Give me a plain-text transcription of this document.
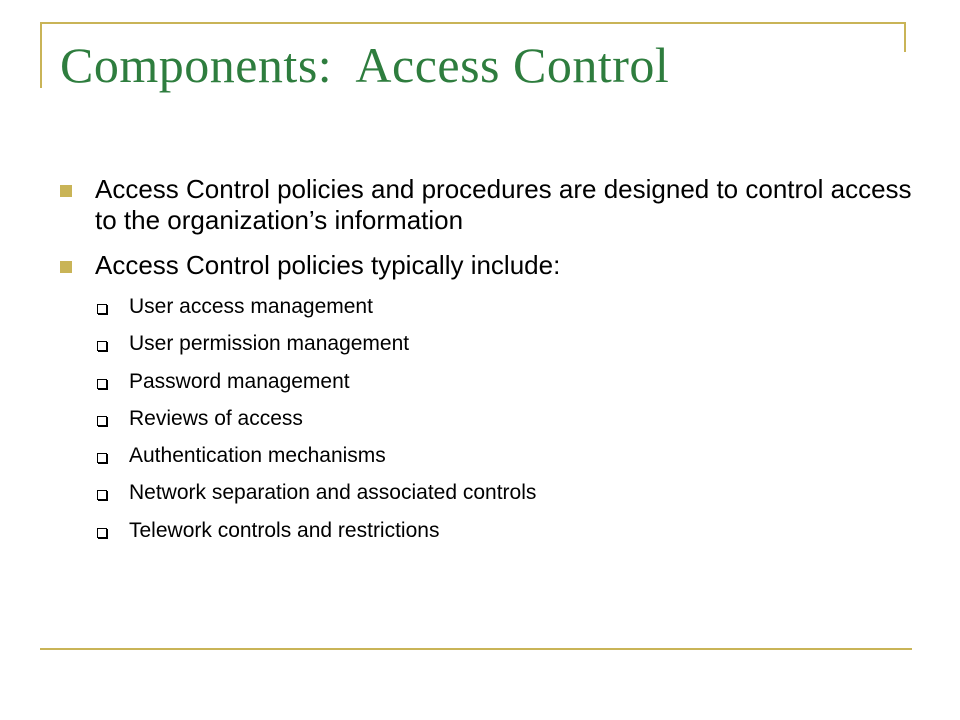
Components:  Access Control
Access Control policies and procedures are designed to control access to the organization’s information
Access Control policies typically include:
User access management
User permission management
Password management
Reviews of access
Authentication mechanisms
Network separation and associated controls
Telework controls and restrictions
